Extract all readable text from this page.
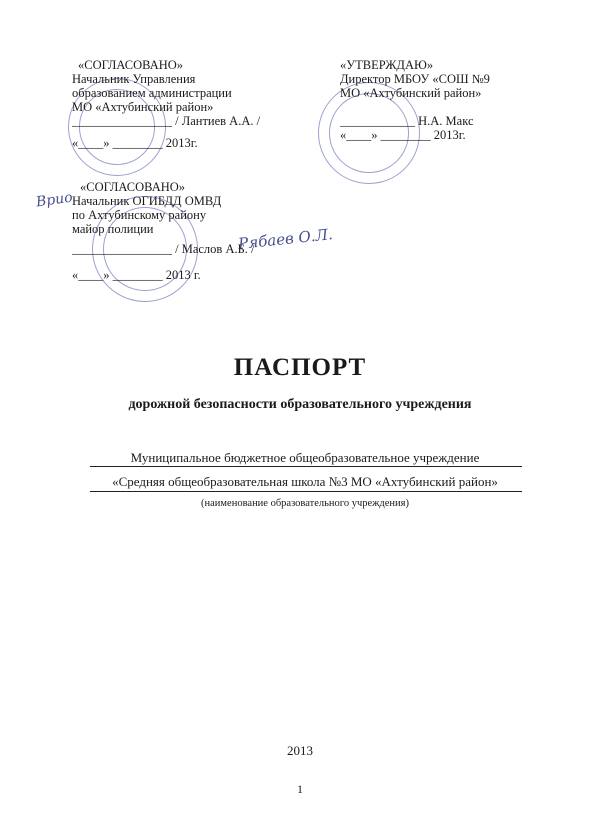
«СОГЛАСОВАНО»
Начальник Управления
образованием администрации
МО «Ахтубинский район»
________________ / Лантиев А.А. /
«____» ________ 2013г.
«УТВЕРЖДАЮ»
Директор МБОУ «СОШ №9
МО «Ахтубинский район»
____________ Н.А. Макс
«____» ________ 2013г.
«СОГЛАСОВАНО»
Начальник ОГИБДД ОМВД
по Ахтубинскому району
майор полиции
________________ / Маслов А.Б. /
«____» ________ 2013 г.
Врио
Рябаев О.Л.
ПАСПОРТ
дорожной безопасности образовательного учреждения
Муниципальное бюджетное общеобразовательное учреждение
«Средняя общеобразовательная школа №3 МО «Ахтубинский район»
(наименование образовательного учреждения)
2013
1
